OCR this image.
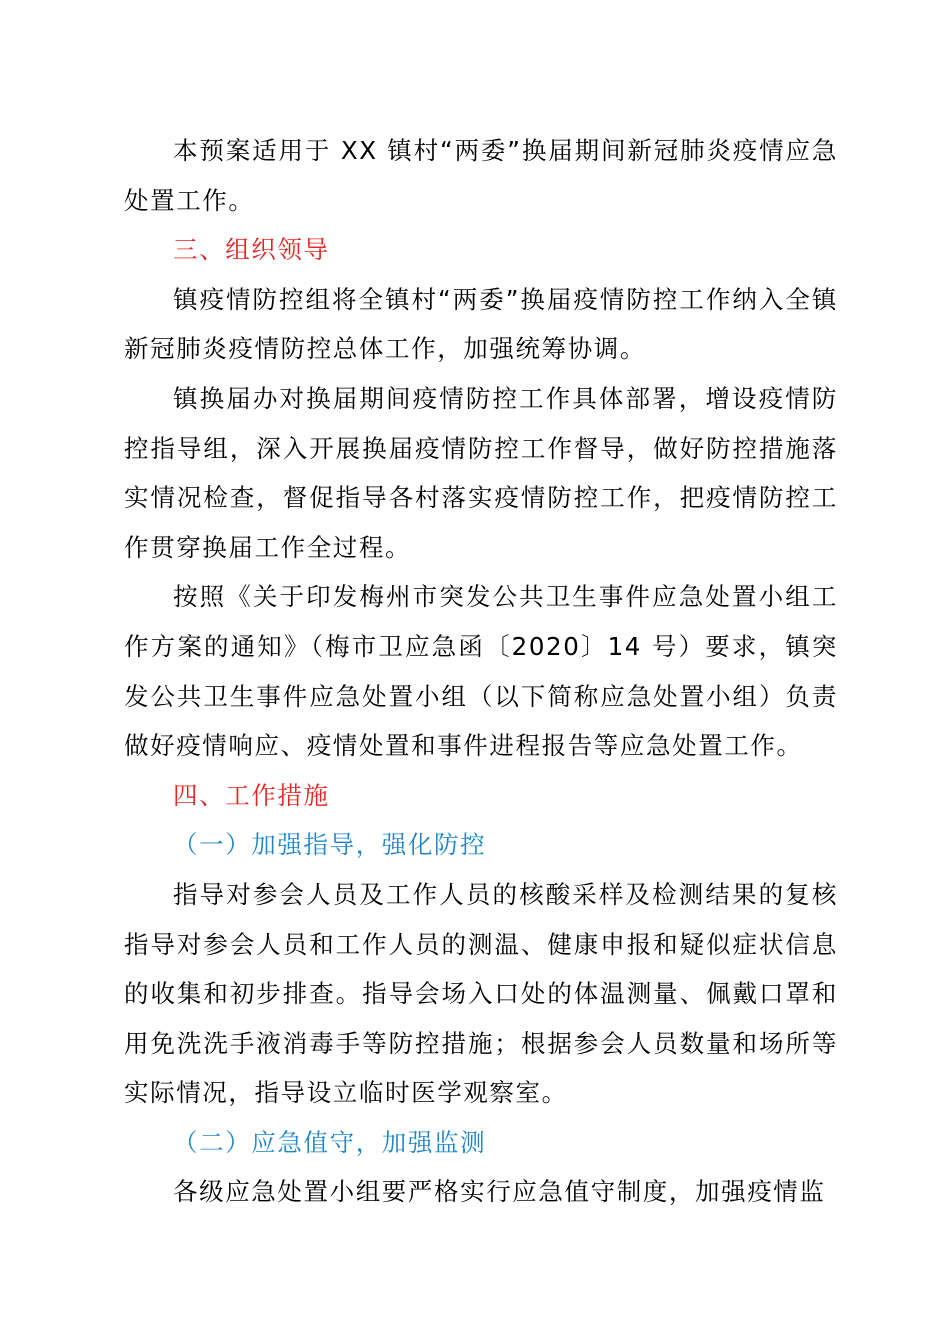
本预案适用于 XX 镇村“两委”换届期间新冠肺炎疫情应急处置工作。

三、组织领导

镇疫情防控组将全镇村“两委”换届疫情防控工作纳入全镇新冠肺炎疫情防控总体工作，加强统筹协调。

镇换届办对换届期间疫情防控工作具体部署，增设疫情防控指导组，深入开展换届疫情防控工作督导，做好防控措施落实情况检查，督促指导各村落实疫情防控工作，把疫情防控工作贯穿换届工作全过程。

按照《关于印发梅州市突发公共卫生事件应急处置小组工作方案的通知》（梅市卫应急函〔2020〕14 号）要求，镇突发公共卫生事件应急处置小组（以下简称应急处置小组）负责做好疫情响应、疫情处置和事件进程报告等应急处置工作。

四、工作措施

（一）加强指导，强化防控

指导对参会人员及工作人员的核酸采样及检测结果的复核指导对参会人员和工作人员的测温、健康申报和疑似症状信息的收集和初步排查。指导会场入口处的体温测量、佩戴口罩和用免洗洗手液消毒手等防控措施；根据参会人员数量和场所等实际情况，指导设立临时医学观察室。

（二）应急值守，加强监测

各级应急处置小组要严格实行应急值守制度，加强疫情监
